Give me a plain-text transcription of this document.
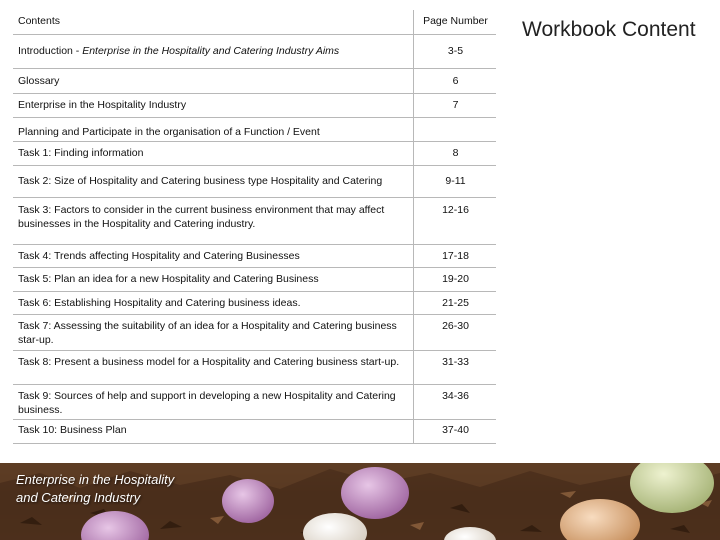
Contents	Page Number
Introduction - Enterprise in the Hospitality and Catering Industry Aims	3-5
Glossary	6
Enterprise in the Hospitality Industry	7
Planning and Participate in the organisation of a Function / Event	
Task 1: Finding information	8
Task 2: Size of Hospitality and Catering business type Hospitality and Catering	9-11
Task 3: Factors to consider in the current business environment that may affect businesses in the Hospitality and Catering industry.	12-16
Task 4: Trends affecting Hospitality and Catering Businesses	17-18
Task 5: Plan an idea for a new Hospitality and Catering Business	19-20
Task 6: Establishing Hospitality and Catering business ideas.	21-25
Task 7: Assessing the suitability of an idea for a Hospitality and Catering business star-up.	26-30
Task 8: Present a business model for a Hospitality and Catering business start-up.	31-33
Task 9: Sources of help and support in developing a new Hospitality and Catering business.	34-36
Task 10: Business Plan	37-40
Workbook Content
Enterprise in the Hospitality
and Catering Industry
